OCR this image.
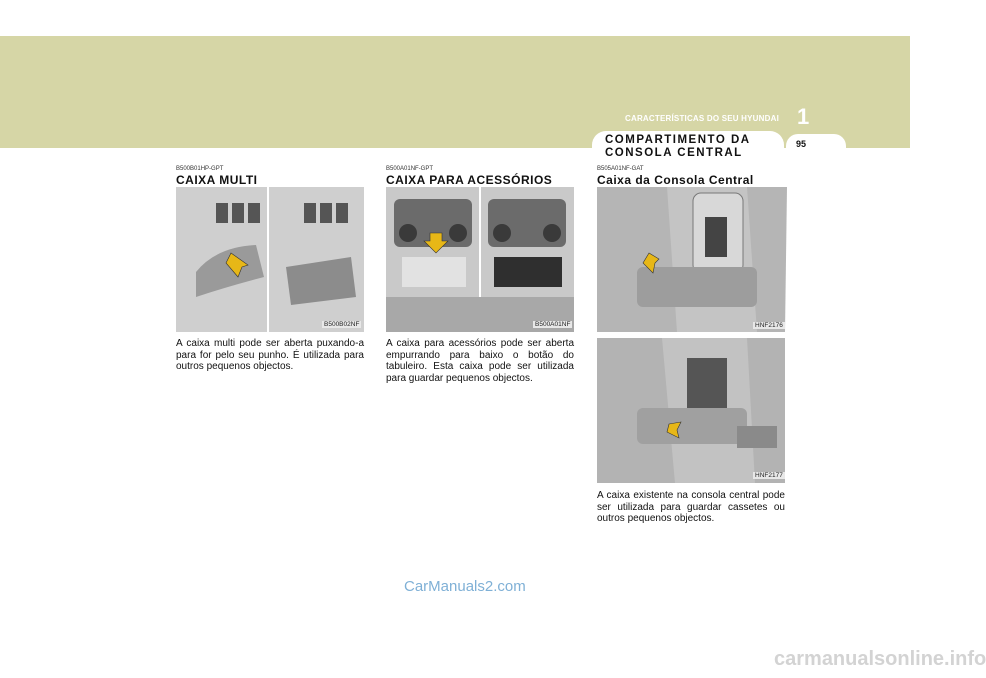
CARACTERÍSTICAS DO SEU HYUNDAI 1
COMPARTIMENTO DA CONSOLA CENTRAL
95
B500B01HP-GPT
CAIXA MULTI
B500B02NF
A caixa multi pode ser aberta puxando-a para for pelo seu punho. É utilizada para outros pequenos objectos.
B500A01NF-GPT
CAIXA PARA ACESSÓRIOS
B500A01NF
A caixa para acessórios pode ser aberta empurrando para baixo o botão do tabuleiro. Esta caixa pode ser utilizada para guardar pequenos objectos.
B505A01NF-GAT
Caixa da Consola Central
HNF2176
HNF2177
A caixa existente na consola central pode ser utilizada para guardar cassetes ou outros pequenos objectos.
CarManuals2.com
carmanualsonline.info
